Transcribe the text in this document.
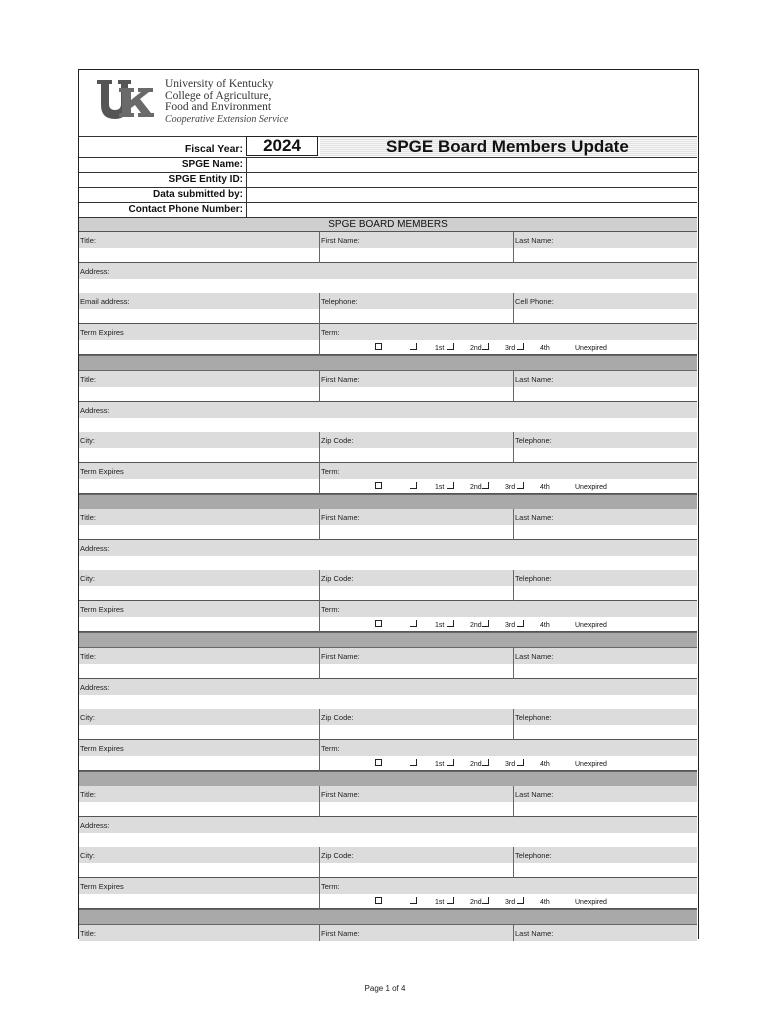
University of Kentucky
College of Agriculture,
Food and Environment
Cooperative Extension Service
Fiscal Year:	2024	SPGE Board Members Update
SPGE Name:
SPGE Entity ID:
Data submitted by:
Contact Phone Number:
SPGE BOARD MEMBERS
Title:	First Name:	Last Name:
Address:
Email address:	Telephone:	Cell Phone:
Term Expires	Term:
1st	2nd	3rd	4th	Unexpired
Title:	First Name:	Last Name:
Address:
City:	Zip Code:	Telephone:
Term Expires	Term:
1st	2nd	3rd	4th	Unexpired
Title:	First Name:	Last Name:
Address:
City:	Zip Code:	Telephone:
Term Expires	Term:
1st	2nd	3rd	4th	Unexpired
Title:	First Name:	Last Name:
Address:
City:	Zip Code:	Telephone:
Term Expires	Term:
1st	2nd	3rd	4th	Unexpired
Title:	First Name:	Last Name:
Address:
City:	Zip Code:	Telephone:
Term Expires	Term:
1st	2nd	3rd	4th	Unexpired
Title:	First Name:	Last Name:
Page 1 of 4
